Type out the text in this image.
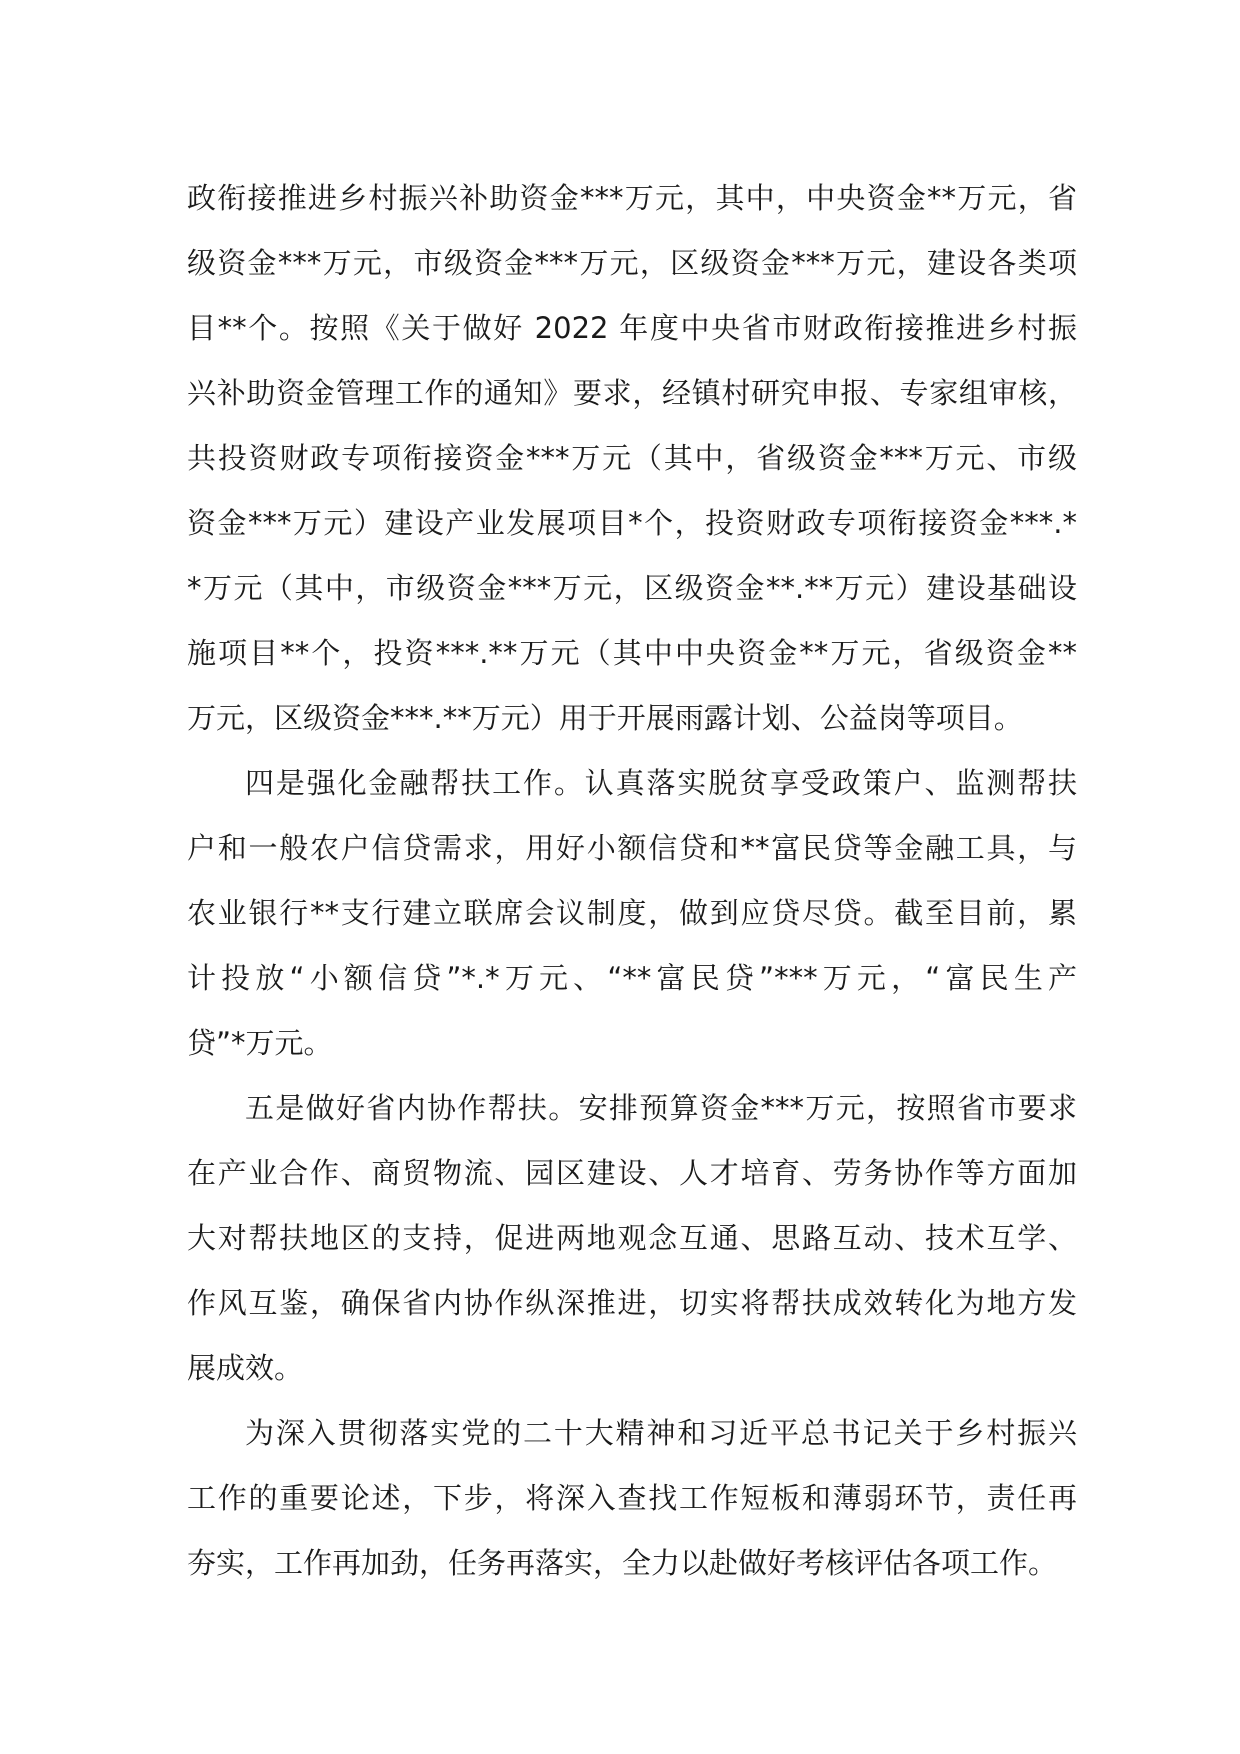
政衔接推进乡村振兴补助资金***万元，其中，中央资金**万元，省
级资金***万元，市级资金***万元，区级资金***万元，建设各类项
目**个。按照《关于做好 2022 年度中央省市财政衔接推进乡村振
兴补助资金管理工作的通知》要求，经镇村研究申报、专家组审核，
共投资财政专项衔接资金***万元（其中，省级资金***万元、市级
资金***万元）建设产业发展项目*个，投资财政专项衔接资金***.*
*万元（其中，市级资金***万元，区级资金**.**万元）建设基础设
施项目**个，投资***.**万元（其中中央资金**万元，省级资金**
万元，区级资金***.**万元）用于开展雨露计划、公益岗等项目。
四是强化金融帮扶工作。认真落实脱贫享受政策户、监测帮扶
户和一般农户信贷需求，用好小额信贷和**富民贷等金融工具，与
农业银行**支行建立联席会议制度，做到应贷尽贷。截至目前，累
计投放“小额信贷”*.*万元、“**富民贷”***万元，“富民生产
贷”*万元。
五是做好省内协作帮扶。安排预算资金***万元，按照省市要求
在产业合作、商贸物流、园区建设、人才培育、劳务协作等方面加
大对帮扶地区的支持，促进两地观念互通、思路互动、技术互学、
作风互鉴，确保省内协作纵深推进，切实将帮扶成效转化为地方发
展成效。
为深入贯彻落实党的二十大精神和习近平总书记关于乡村振兴
工作的重要论述，下步，将深入查找工作短板和薄弱环节，责任再
夯实，工作再加劲，任务再落实，全力以赴做好考核评估各项工作。
